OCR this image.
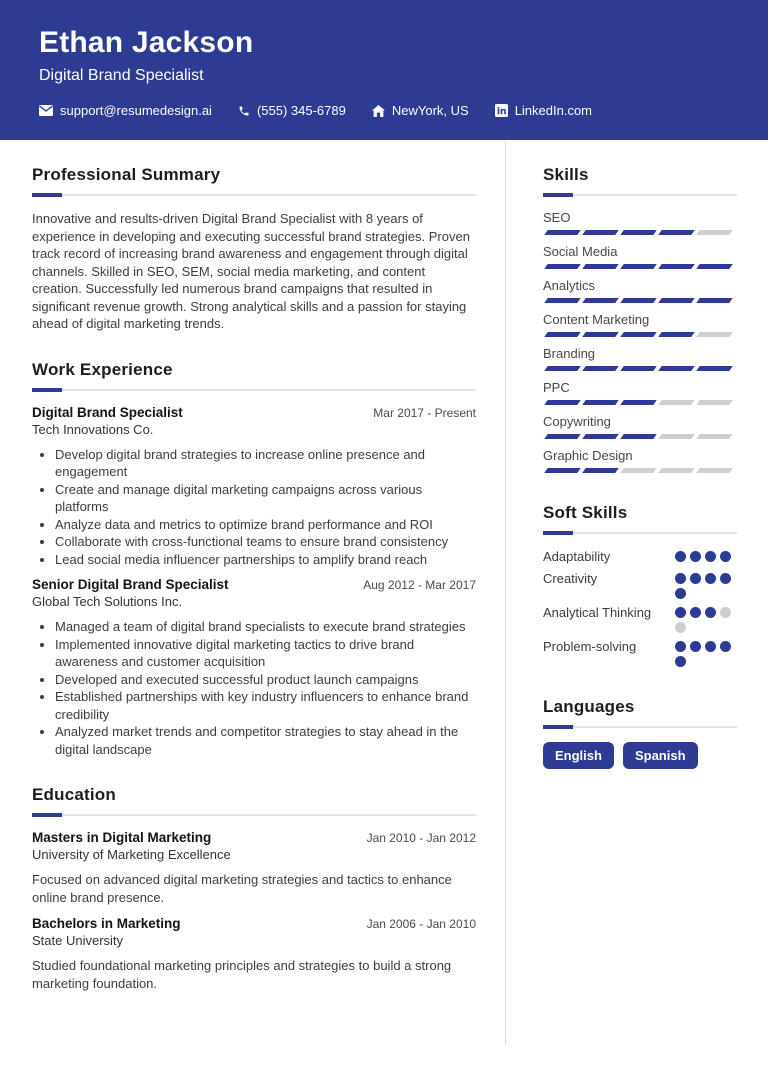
Ethan Jackson
Digital Brand Specialist
support@resumedesign.ai	(555) 345-6789	NewYork, US	LinkedIn.com
Professional Summary

Innovative and results-driven Digital Brand Specialist with 8 years of experience in developing and executing successful brand strategies. Proven track record of increasing brand awareness and engagement through digital channels. Skilled in SEO, SEM, social media marketing, and content creation. Successfully led numerous brand campaigns that resulted in significant revenue growth. Strong analytical skills and a passion for staying ahead of digital marketing trends.

Work Experience
Digital Brand Specialist	Mar 2017 - Present
Tech Innovations Co.
• Develop digital brand strategies to increase online presence and engagement
• Create and manage digital marketing campaigns across various platforms
• Analyze data and metrics to optimize brand performance and ROI
• Collaborate with cross-functional teams to ensure brand consistency
• Lead social media influencer partnerships to amplify brand reach
Senior Digital Brand Specialist	Aug 2012 - Mar 2017
Global Tech Solutions Inc.
• Managed a team of digital brand specialists to execute brand strategies
• Implemented innovative digital marketing tactics to drive brand awareness and customer acquisition
• Developed and executed successful product launch campaigns
• Established partnerships with key industry influencers to enhance brand credibility
• Analyzed market trends and competitor strategies to stay ahead in the digital landscape
Education
Masters in Digital Marketing	Jan 2010 - Jan 2012
University of Marketing Excellence

Focused on advanced digital marketing strategies and tactics to enhance online brand presence.

Bachelors in Marketing	Jan 2006 - Jan 2010
State University

Studied foundational marketing principles and strategies to build a strong marketing foundation.

Skills
SEO
Social Media
Analytics
Content Marketing
Branding
PPC
Copywriting
Graphic Design
Soft Skills
Adaptability
Creativity
Analytical Thinking
Problem-solving
Languages
English	Spanish
